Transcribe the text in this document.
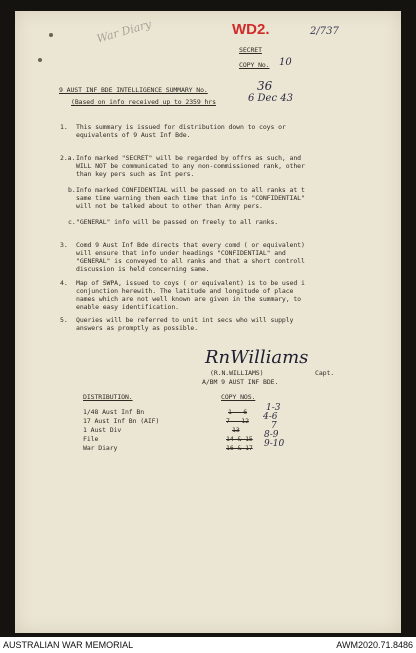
War Diary	WD2.	2/737
SECRET
COPY No. 10
9 AUST INF BDE INTELLIGENCE SUMMARY No.	36
(Based on info received up to 2359 hrs	6 Dec 43
1. This summary is issued for distribution down to coys or
equivalents of 9 Aust Inf Bde.
2.a. Info marked "SECRET" will be regarded by offrs as such, and
WILL NOT be communicated to any non-commissioned rank, other
than key pers such as Int pers.
b. Info marked CONFIDENTIAL will be passed on to all ranks at t
same time warning them each time that info is "CONFIDENTIAL"
will not be talked about to other than Army pers.
c. "GENERAL" info will be passed on freely to all ranks.
3. Comd 9 Aust Inf Bde directs that every comd ( or equivalent)
will ensure that info under headings "CONFIDENTIAL" and
"GENERAL" is conveyed to all ranks and that a short controll
discussion is held concerning same.
4. Map of SWPA, issued to coys ( or equivalent) is to be used i
conjunction herewith. The latitude and longitude of place
names which are not well known are given in the summary, to
enable easy identification.
5. Queries will be referred to unit int secs who will supply
answers as promptly as possible.
RnWilliams
(R.N.WILLIAMS)	Capt.
A/BM 9 AUST INF BDE.
DISTRIBUTION.	COPY NOS.
1/48 Aust Inf Bn	1 - 6 1-3
17 Aust Inf Bn (AIF)	7 - 12 4-6
1 Aust Div	13	7
File	14 & 15 8-9
War Diary	16 & 17 9-10
AUSTRALIAN WAR MEMORIAL	AWM2020.71.8486
